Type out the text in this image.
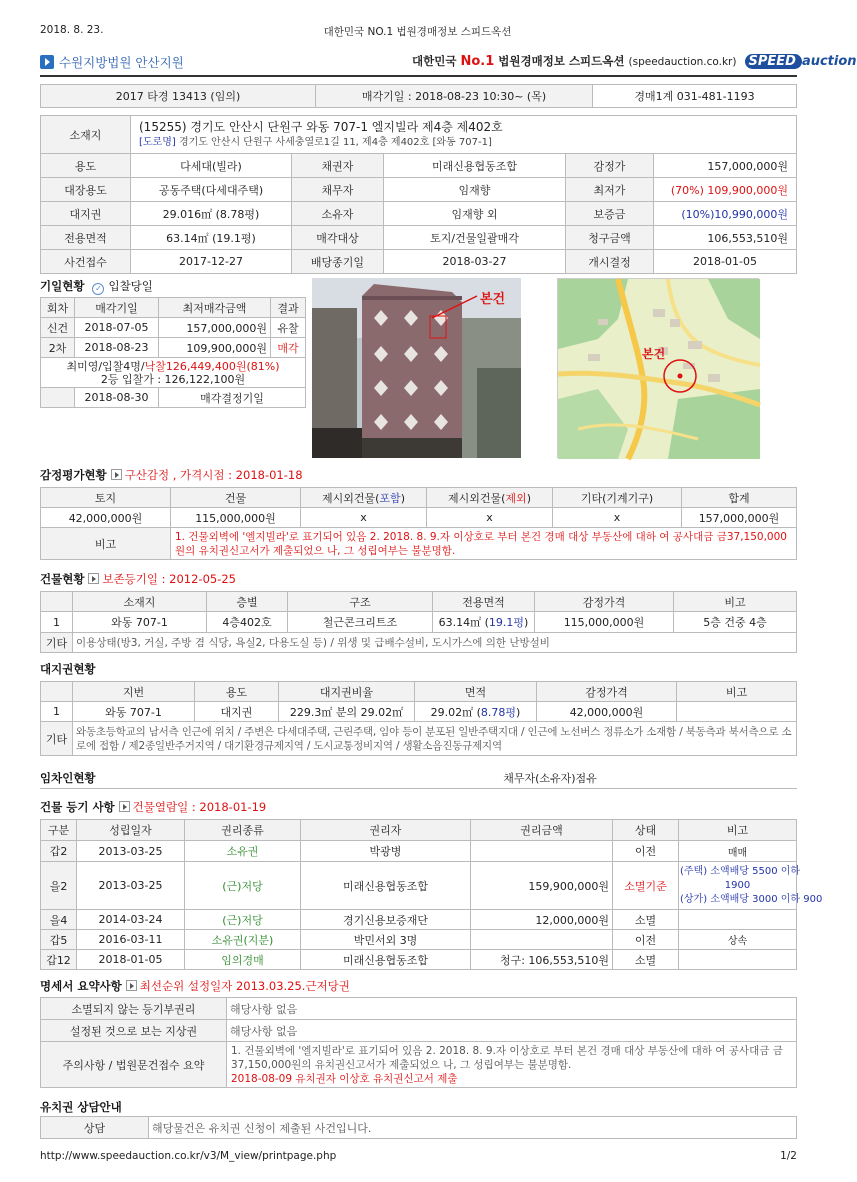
2018. 8. 23.	대한민국 NO.1 법원경매정보 스피드옥션
수원지방법원 안산지원	대한민국 No.1 법원경매정보 스피드옥션 (speedauction.co.kr) SPEED auction
2017 타경 13413 (임의)	매각기일 : 2018-08-23 10:30~ (목)	경매1계 031-481-1193
소재지	(15255) 경기도 안산시 단원구 와동 707-1 엘지빌라 제4층 제402호
[도로명] 경기도 안산시 단원구 사세충열로1길 11, 제4층 제402호 [와동 707-1]				

용도	다세대(빌라)	채권자	미래신용협동조합	감정가	157,000,000원
대장용도	공동주택(다세대주택)	채무자	임재향	최저가	(70%) 109,900,000원
대지권	29.016㎡ (8.78평)	소유자	임재향 외	보증금	(10%)10,990,000원
전용면적	63.14㎡ (19.1평)	매각대상	토지/건물일괄매각	청구금액	106,553,510원
사건접수	2017-12-27	배당종기일	2018-03-27	개시결정	2018-01-05
기일현황 ✓ 입찰당일
회차	매각기일	최저매각금액	결과
신건	2018-07-05	157,000,000원	유찰
2차	2018-08-23	109,900,000원	매각

최미영/입찰4명/낙찰126,449,400원(81%)
2등 입찰가 : 126,122,100원			

	2018-08-30	매각결정기일	
본건
본건
감정평가현황 구산감정 , 가격시점 : 2018-01-18
토지	건물	제시외건물(포함)	제시외건물(제외)	기타(기계기구)	합계
42,000,000원	115,000,000원	x	x	x	157,000,000원
비고	1. 건물외벽에 '엘지빌라'로 표기되어 있음 2. 2018. 8. 9.자 이상호로 부터 본건 경매 대상 부동산에 대하 여 공사대금 금37,150,000원의 유치권신고서가 제출되었으 나, 그 성립여부는 불분명함.				
건물현황 보존등기일 : 2012-05-25
	소재지	층별	구조	전용면적	감정가격	비고
1	와동 707-1	4층402호	철근콘크리트조	63.14㎡ (19.1평)	115,000,000원	5층 건중 4층
기타	이용상태(방3, 거실, 주방 겸 식당, 욕실2, 다용도실 등) / 위생 및 급배수설비, 도시가스에 의한 난방설비					
대지권현황
	지번	용도	대지권비율	면적	감정가격	비고
1	와동 707-1	대지권	229.3㎡ 분의 29.02㎡	29.02㎡ (8.78평)	42,000,000원	
기타	와동초등학교의 남서측 인근에 위치 / 주변은 다세대주택, 근린주택, 임야 등이 분포된 일반주택지대 / 인근에 노선버스 정류소가 소재함 / 북동측과 북서측으로 소로에 접함 / 제2종일반주거지역 / 대기환경규제지역 / 도시교통정비지역 / 생활소음진동규제지역					
임차인현황	채무자(소유자)점유
건물 등기 사항 건물열람일 : 2018-01-19
구분	성립일자	권리종류	권리자	권리금액	상태	비고
갑2	2013-03-25	소유권	박광병		이전	매매
을2	2013-03-25	(근)저당	미래신용협동조합	159,900,000원	소멸기준	(주택) 소액배당 5500 이하
1900
(상가) 소액배당 3000 이하 900

을4	2014-03-24	(근)저당	경기신용보증재단	12,000,000원	소멸	
갑5	2016-03-11	소유권(지분)	박민서외 3명		이전	상속
갑12	2018-01-05	임의경매	미래신용협동조합	청구: 106,553,510원	소멸	
명세서 요약사항 최선순위 설정일자 2013.03.25.근저당권
소멸되지 않는 등기부권리	해당사항 없음
설정된 것으로 보는 지상권	해당사항 없음
주의사항 / 법원문건접수 요약	1. 건물외벽에 '엘지빌라'로 표기되어 있음 2. 2018. 8. 9.자 이상호로 부터 본건 경매 대상 부동산에 대하 여 공사대금 금37,150,000원의 유치권신고서가 제출되었으 나, 그 성립여부는 불분명함.
2018-08-09 유치권자 이상호 유치권신고서 제출
유치권 상담안내
상담	해당물건은 유치권 신청이 제출된 사건입니다.
http://www.speedauction.co.kr/v3/M_view/printpage.php	1/2
